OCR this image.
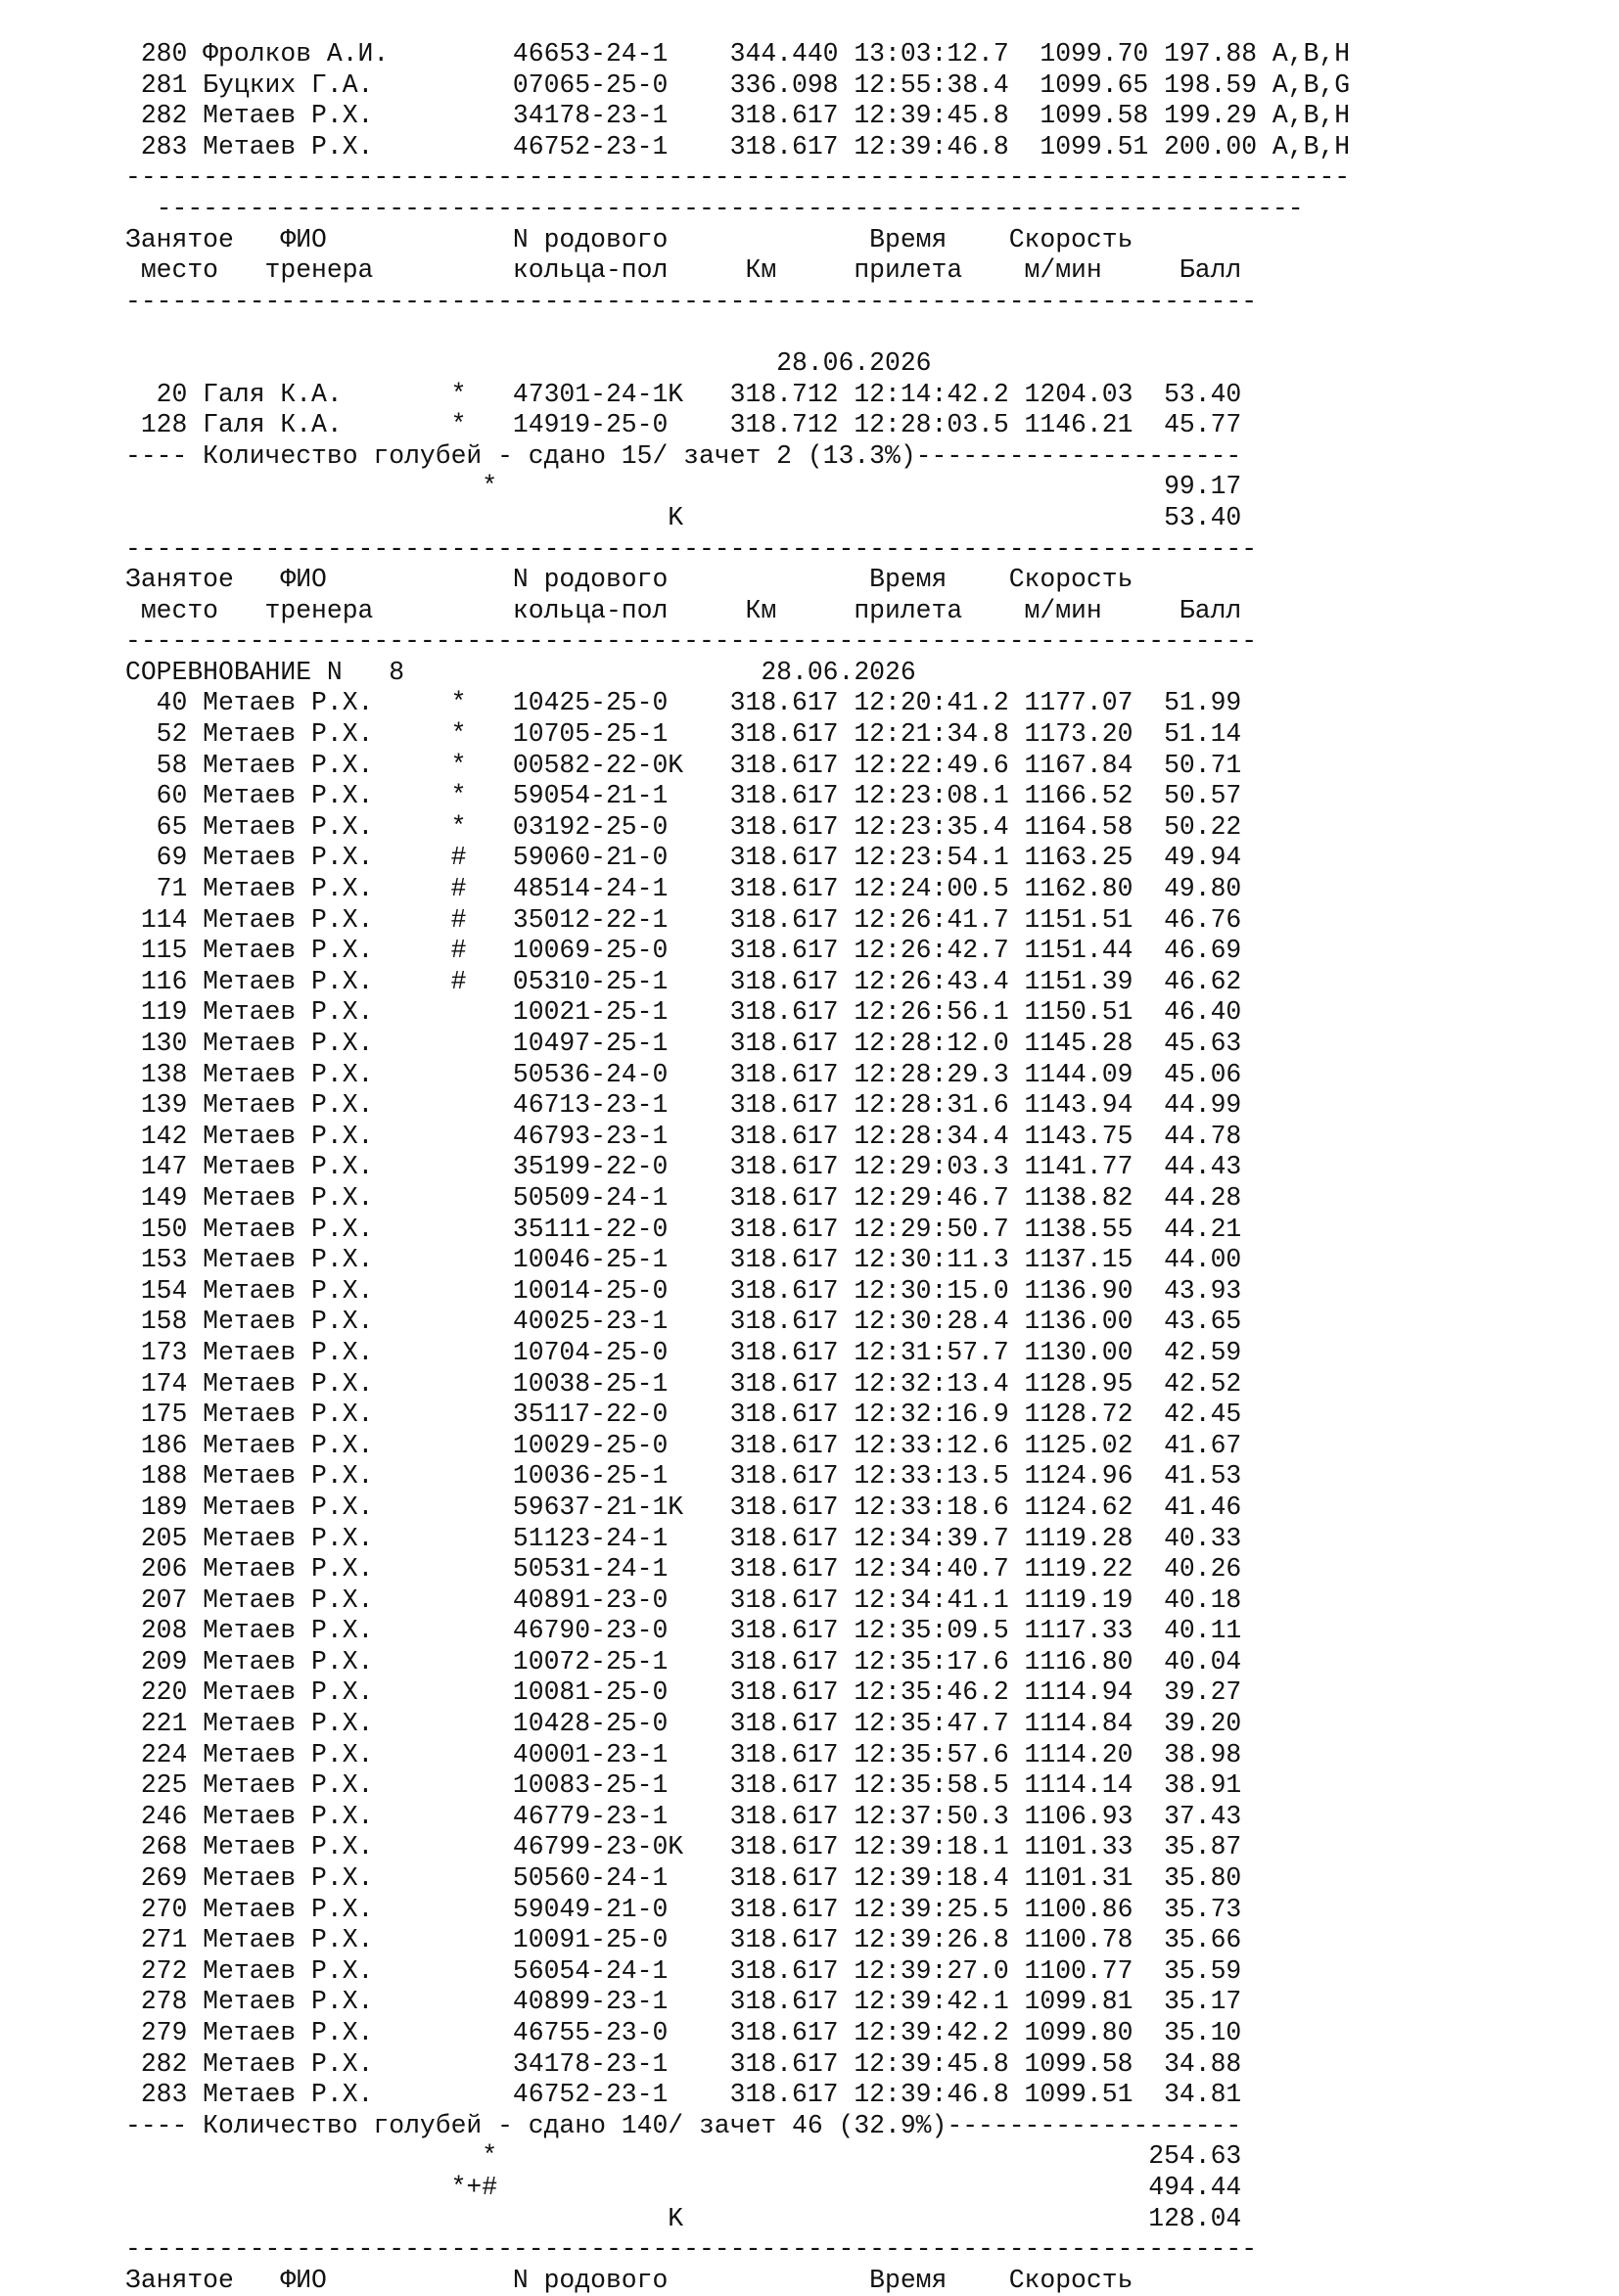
280 Фролков А.И.        46653-24-1    344.440 13:03:12.7  1099.70 197.88 A,B,H
281 Буцких Г.А.         07065-25-0    336.098 12:55:38.4  1099.65 198.59 A,B,G
282 Метаев Р.Х.         34178-23-1    318.617 12:39:45.8  1099.58 199.29 A,B,H
283 Метаев Р.Х.         46752-23-1    318.617 12:39:46.8  1099.51 200.00 A,B,H
-------------------------------------------------------------------------------
--------------------------------------------------------------------------
Занятое   ФИО            N родового             Время    Скорость
место   тренера         кольца-пол     Км     прилета    м/мин     Балл
-------------------------------------------------------------------------
28.06.2026
20 Галя К.А.       *   47301-24-1K   318.712 12:14:42.2 1204.03  53.40
128 Галя К.А.       *   14919-25-0    318.712 12:28:03.5 1146.21  45.77
---- Количество голубей - сдано 15/ зачет 2 (13.3%)---------------------
*                                           99.17
K                               53.40
-------------------------------------------------------------------------
Занятое   ФИО            N родового             Время    Скорость
место   тренера         кольца-пол     Км     прилета    м/мин     Балл
-------------------------------------------------------------------------
СОРЕВНОВАНИЕ N   8                       28.06.2026
40 Метаев Р.Х.     *   10425-25-0    318.617 12:20:41.2 1177.07  51.99
52 Метаев Р.Х.     *   10705-25-1    318.617 12:21:34.8 1173.20  51.14
58 Метаев Р.Х.     *   00582-22-0K   318.617 12:22:49.6 1167.84  50.71
60 Метаев Р.Х.     *   59054-21-1    318.617 12:23:08.1 1166.52  50.57
65 Метаев Р.Х.     *   03192-25-0    318.617 12:23:35.4 1164.58  50.22
69 Метаев Р.Х.     #   59060-21-0    318.617 12:23:54.1 1163.25  49.94
71 Метаев Р.Х.     #   48514-24-1    318.617 12:24:00.5 1162.80  49.80
114 Метаев Р.Х.     #   35012-22-1    318.617 12:26:41.7 1151.51  46.76
115 Метаев Р.Х.     #   10069-25-0    318.617 12:26:42.7 1151.44  46.69
116 Метаев Р.Х.     #   05310-25-1    318.617 12:26:43.4 1151.39  46.62
119 Метаев Р.Х.         10021-25-1    318.617 12:26:56.1 1150.51  46.40
130 Метаев Р.Х.         10497-25-1    318.617 12:28:12.0 1145.28  45.63
138 Метаев Р.Х.         50536-24-0    318.617 12:28:29.3 1144.09  45.06
139 Метаев Р.Х.         46713-23-1    318.617 12:28:31.6 1143.94  44.99
142 Метаев Р.Х.         46793-23-1    318.617 12:28:34.4 1143.75  44.78
147 Метаев Р.Х.         35199-22-0    318.617 12:29:03.3 1141.77  44.43
149 Метаев Р.Х.         50509-24-1    318.617 12:29:46.7 1138.82  44.28
150 Метаев Р.Х.         35111-22-0    318.617 12:29:50.7 1138.55  44.21
153 Метаев Р.Х.         10046-25-1    318.617 12:30:11.3 1137.15  44.00
154 Метаев Р.Х.         10014-25-0    318.617 12:30:15.0 1136.90  43.93
158 Метаев Р.Х.         40025-23-1    318.617 12:30:28.4 1136.00  43.65
173 Метаев Р.Х.         10704-25-0    318.617 12:31:57.7 1130.00  42.59
174 Метаев Р.Х.         10038-25-1    318.617 12:32:13.4 1128.95  42.52
175 Метаев Р.Х.         35117-22-0    318.617 12:32:16.9 1128.72  42.45
186 Метаев Р.Х.         10029-25-0    318.617 12:33:12.6 1125.02  41.67
188 Метаев Р.Х.         10036-25-1    318.617 12:33:13.5 1124.96  41.53
189 Метаев Р.Х.         59637-21-1K   318.617 12:33:18.6 1124.62  41.46
205 Метаев Р.Х.         51123-24-1    318.617 12:34:39.7 1119.28  40.33
206 Метаев Р.Х.         50531-24-1    318.617 12:34:40.7 1119.22  40.26
207 Метаев Р.Х.         40891-23-0    318.617 12:34:41.1 1119.19  40.18
208 Метаев Р.Х.         46790-23-0    318.617 12:35:09.5 1117.33  40.11
209 Метаев Р.Х.         10072-25-1    318.617 12:35:17.6 1116.80  40.04
220 Метаев Р.Х.         10081-25-0    318.617 12:35:46.2 1114.94  39.27
221 Метаев Р.Х.         10428-25-0    318.617 12:35:47.7 1114.84  39.20
224 Метаев Р.Х.         40001-23-1    318.617 12:35:57.6 1114.20  38.98
225 Метаев Р.Х.         10083-25-1    318.617 12:35:58.5 1114.14  38.91
246 Метаев Р.Х.         46779-23-1    318.617 12:37:50.3 1106.93  37.43
268 Метаев Р.Х.         46799-23-0K   318.617 12:39:18.1 1101.33  35.87
269 Метаев Р.Х.         50560-24-1    318.617 12:39:18.4 1101.31  35.80
270 Метаев Р.Х.         59049-21-0    318.617 12:39:25.5 1100.86  35.73
271 Метаев Р.Х.         10091-25-0    318.617 12:39:26.8 1100.78  35.66
272 Метаев Р.Х.         56054-24-1    318.617 12:39:27.0 1100.77  35.59
278 Метаев Р.Х.         40899-23-1    318.617 12:39:42.1 1099.81  35.17
279 Метаев Р.Х.         46755-23-0    318.617 12:39:42.2 1099.80  35.10
282 Метаев Р.Х.         34178-23-1    318.617 12:39:45.8 1099.58  34.88
283 Метаев Р.Х.         46752-23-1    318.617 12:39:46.8 1099.51  34.81
---- Количество голубей - сдано 140/ зачет 46 (32.9%)-------------------
*                                          254.63
*+#                                          494.44
K                              128.04
-------------------------------------------------------------------------
Занятое   ФИО            N родового             Время    Скорость
